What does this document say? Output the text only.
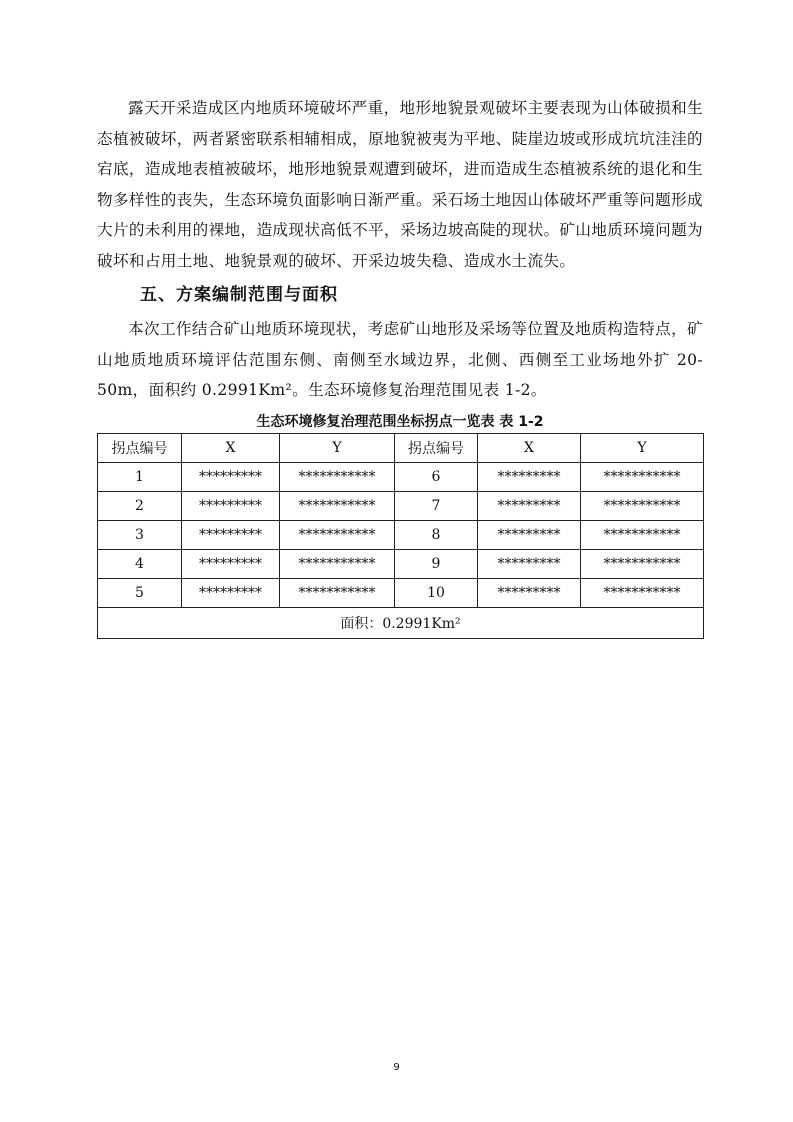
露天开采造成区内地质环境破坏严重，地形地貌景观破坏主要表现为山体破损和生态植被破坏，两者紧密联系相辅相成，原地貌被夷为平地、陡崖边坡或形成坑坑洼洼的宕底，造成地表植被破坏，地形地貌景观遭到破坏，进而造成生态植被系统的退化和生物多样性的丧失，生态环境负面影响日渐严重。采石场土地因山体破坏严重等问题形成大片的未利用的裸地，造成现状高低不平，采场边坡高陡的现状。矿山地质环境问题为破坏和占用土地、地貌景观的破坏、开采边坡失稳、造成水土流失。

五、方案编制范围与面积

本次工作结合矿山地质环境现状，考虑矿山地形及采场等位置及地质构造特点，矿山地质地质环境评估范围东侧、南侧至水域边界，北侧、西侧至工业场地外扩 20-50m，面积约 0.2991Km²。生态环境修复治理范围见表 1-2。

生态环境修复治理范围坐标拐点一览表 表 1-2

拐点编号	X	Y	拐点编号	X	Y
1	*********	***********	6	*********	***********
2	*********	***********	7	*********	***********
3	*********	***********	8	*********	***********
4	*********	***********	9	*********	***********
5	*********	***********	10	*********	***********
面积：0.2991Km²					
9
